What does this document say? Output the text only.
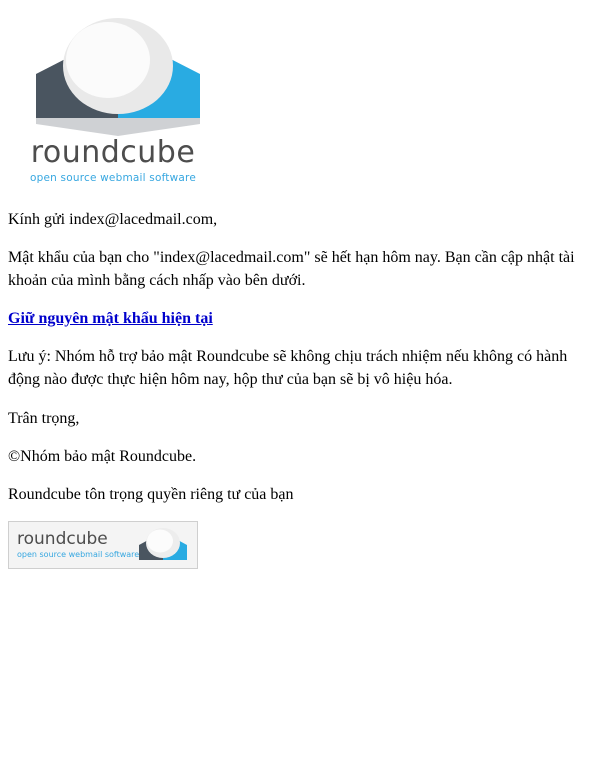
roundcube
open source webmail software

Kính gửi index@lacedmail.com,

Mật khẩu của bạn cho "index@lacedmail.com" sẽ hết hạn hôm nay. Bạn cần cập nhật tài khoản của mình bằng cách nhấp vào bên dưới.

Giữ nguyên mật khẩu hiện tại

Lưu ý: Nhóm hỗ trợ bảo mật Roundcube sẽ không chịu trách nhiệm nếu không có hành động nào được thực hiện hôm nay, hộp thư của bạn sẽ bị vô hiệu hóa.

Trân trọng,

©Nhóm bảo mật Roundcube.

Roundcube tôn trọng quyền riêng tư của bạn

roundcube
open source webmail software
